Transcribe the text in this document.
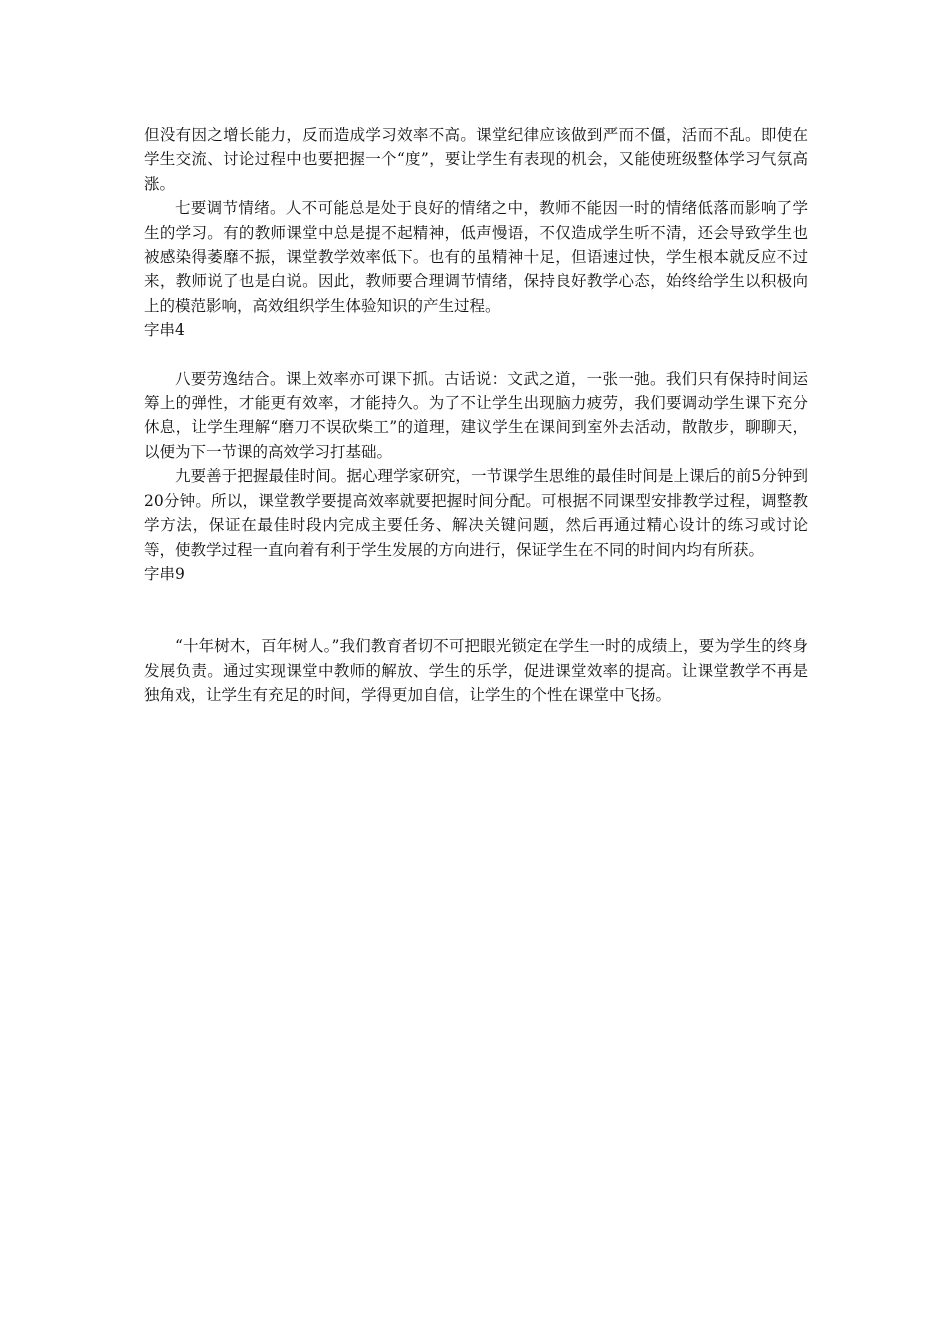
但没有因之增长能力，反而造成学习效率不高。课堂纪律应该做到严而不僵，活而不乱。即使在学生交流、讨论过程中也要把握一个“度”，要让学生有表现的机会，又能使班级整体学习气氛高涨。

七要调节情绪。人不可能总是处于良好的情绪之中，教师不能因一时的情绪低落而影响了学生的学习。有的教师课堂中总是提不起精神，低声慢语，不仅造成学生听不清，还会导致学生也被感染得萎靡不振，课堂教学效率低下。也有的虽精神十足，但语速过快，学生根本就反应不过来，教师说了也是白说。因此，教师要合理调节情绪，保持良好教学心态，始终给学生以积极向上的模范影响，高效组织学生体验知识的产生过程。

字串4

八要劳逸结合。课上效率亦可课下抓。古话说：文武之道，一张一弛。我们只有保持时间运筹上的弹性，才能更有效率，才能持久。为了不让学生出现脑力疲劳，我们要调动学生课下充分休息，让学生理解“磨刀不误砍柴工”的道理，建议学生在课间到室外去活动，散散步，聊聊天，以便为下一节课的高效学习打基础。

九要善于把握最佳时间。据心理学家研究，一节课学生思维的最佳时间是上课后的前5分钟到20分钟。所以，课堂教学要提高效率就要把握时间分配。可根据不同课型安排教学过程，调整教学方法，保证在最佳时段内完成主要任务、解决关键问题，然后再通过精心设计的练习或讨论等，使教学过程一直向着有利于学生发展的方向进行，保证学生在不同的时间内均有所获。

字串9

“十年树木，百年树人。”我们教育者切不可把眼光锁定在学生一时的成绩上，要为学生的终身发展负责。通过实现课堂中教师的解放、学生的乐学，促进课堂效率的提高。让课堂教学不再是独角戏，让学生有充足的时间，学得更加自信，让学生的个性在课堂中飞扬。
